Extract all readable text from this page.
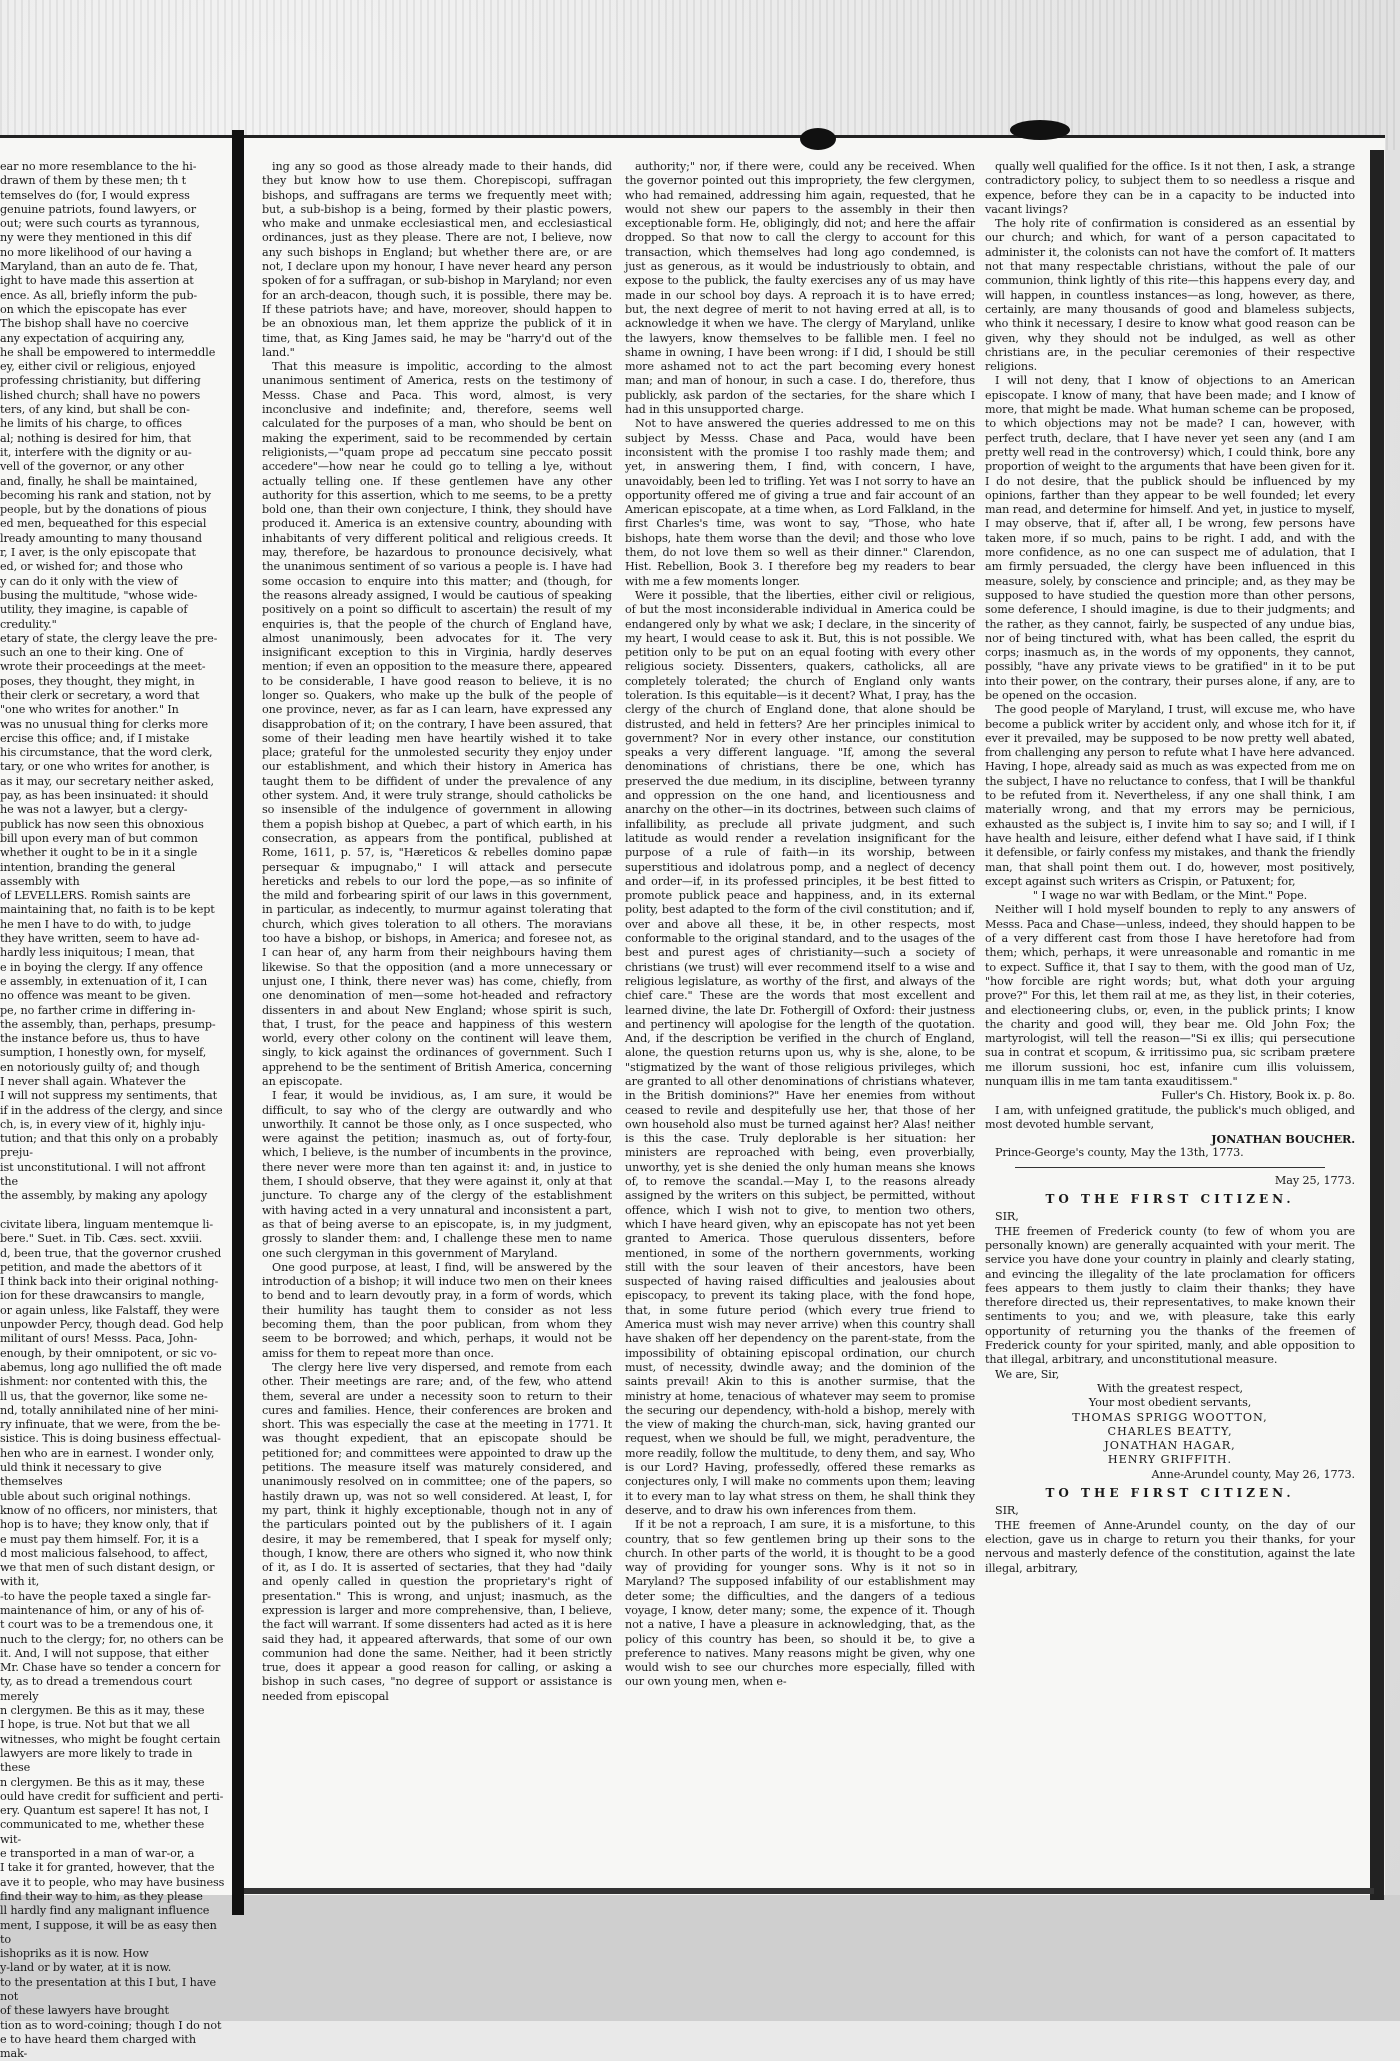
ear no more resemblance to the hi-

drawn of them by these men; th t

temselves do (for, I would express

genuine patriots, found lawyers, or

out; were such courts as tyrannous,

ny were they mentioned in this dif

no more likelihood of our having a

Maryland, than an auto de fe. That,

ight to have made this assertion at

ence. As all, briefly inform the pub-

on which the episcopate has ever

The bishop shall have no coercive

any expectation of acquiring any,

he shall be empowered to intermeddle

ey, either civil or religious, enjoyed

professing christianity, but differing

lished church; shall have no powers

ters, of any kind, but shall be con-

he limits of his charge, to offices

al; nothing is desired for him, that

it, interfere with the dignity or au-

vell of the governor, or any other

and, finally, he shall be maintained,

becoming his rank and station, not by

people, but by the donations of pious

ed men, bequeathed for this especial

lready amounting to many thousand

r, I aver, is the only episcopate that

ed, or wished for; and those who

y can do it only with the view of

busing the multitude, "whose wide-

utility, they imagine, is capable of

credulity."

etary of state, the clergy leave the pre-

such an one to their king. One of

wrote their proceedings at the meet-

poses, they thought, they might, in

their clerk or secretary, a word that

"one who writes for another." In

was no unusual thing for clerks more

ercise this office; and, if I mistake

his circumstance, that the word clerk,

tary, or one who writes for another, is

as it may, our secretary neither asked,

pay, as has been insinuated: it should

he was not a lawyer, but a clergy-

publick has now seen this obnoxious

bill upon every man of but common

whether it ought to be in it a single

intention, branding the general assembly with

of LEVELLERS. Romish saints are

maintaining that, no faith is to be kept

he men I have to do with, to judge

they have written, seem to have ad-

hardly less iniquitous; I mean, that

e in boying the clergy. If any offence

e assembly, in extenuation of it, I can

no offence was meant to be given.

pe, no farther crime in differing in-

the assembly, than, perhaps, presump-

the instance before us, thus to have

sumption, I honestly own, for myself,

en notoriously guilty of; and though

I never shall again. Whatever the

I will not suppress my sentiments, that

if in the address of the clergy, and since

ch, is, in every view of it, highly inju-

tution; and that this only on a probably preju-

ist unconstitutional. I will not affront the

the assembly, by making any apology

civitate libera, linguam mentemque li-

bere." Suet. in Tib. Cæs. sect. xxviii.

d, been true, that the governor crushed

petition, and made the abettors of it

I think back into their original nothing-

ion for these drawcansirs to mangle,

or again unless, like Falstaff, they were

unpowder Percy, though dead. God help

militant of ours! Messs. Paca, John-

enough, by their omnipotent, or sic vo-

abemus, long ago nullified the oft made

ishment: nor contented with this, the

ll us, that the governor, like some ne-

nd, totally annihilated nine of her mini-

ry infinuate, that we were, from the be-

sistice. This is doing business effectual-

hen who are in earnest. I wonder only,

uld think it necessary to give themselves

uble about such original nothings.

know of no officers, nor ministers, that

hop is to have; they know only, that if

e must pay them himself. For, it is a

d most malicious falsehood, to affect,

we that men of such distant design, or with it,

-to have the people taxed a single far-

maintenance of him, or any of his of-

t court was to be a tremendous one, it

nuch to the clergy; for, no others can be

it. And, I will not suppose, that either

Mr. Chase have so tender a concern for

ty, as to dread a tremendous court merely

n clergymen. Be this as it may, these

I hope, is true. Not but that we all

witnesses, who might be fought certain

lawyers are more likely to trade in these

n clergymen. Be this as it may, these

ould have credit for sufficient and perti-

ery. Quantum est sapere! It has not, I

communicated to me, whether these wit-

e transported in a man of war-or, a

I take it for granted, however, that the

ave it to people, who may have business

find their way to him, as they please

ll hardly find any malignant influence

ment, I suppose, it will be as easy then to

ishopriks as it is now. How

y-land or by water, at it is now.

to the presentation at this I but, I have not

of these lawyers have brought

tion as to word-coining; though I do not

e to have heard them charged with mak-

ing any so good as those already made to their hands, did they but know how to use them. Chorepiscopi, suffragan bishops, and suffragans are terms we frequently meet with; but, a sub-bishop is a being, formed by their plastic powers, who make and unmake ecclesiastical men, and ecclesiastical ordinances, just as they please. There are not, I believe, now any such bishops in England; but whether there are, or are not, I declare upon my honour, I have never heard any person spoken of for a suffragan, or sub-bishop in Maryland; nor even for an arch-deacon, though such, it is possible, there may be. If these patriots have; and have, moreover, should happen to be an obnoxious man, let them apprize the publick of it in time, that, as King James said, he may be "harry'd out of the land."

That this measure is impolitic, according to the almost unanimous sentiment of America, rests on the testimony of Messs. Chase and Paca. This word, almost, is very inconclusive and indefinite; and, therefore, seems well calculated for the purposes of a man, who should be bent on making the experiment, said to be recommended by certain religionists,—"quam prope ad peccatum sine peccato possit accedere"—how near he could go to telling a lye, without actually telling one. If these gentlemen have any other authority for this assertion, which to me seems, to be a pretty bold one, than their own conjecture, I think, they should have produced it. America is an extensive country, abounding with inhabitants of very different political and religious creeds. It may, therefore, be hazardous to pronounce decisively, what the unanimous sentiment of so various a people is. I have had some occasion to enquire into this matter; and (though, for the reasons already assigned, I would be cautious of speaking positively on a point so difficult to ascertain) the result of my enquiries is, that the people of the church of England have, almost unanimously, been advocates for it. The very insignificant exception to this in Virginia, hardly deserves mention; if even an opposition to the measure there, appeared to be considerable, I have good reason to believe, it is no longer so. Quakers, who make up the bulk of the people of one province, never, as far as I can learn, have expressed any disapprobation of it; on the contrary, I have been assured, that some of their leading men have heartily wished it to take place; grateful for the unmolested security they enjoy under our establishment, and which their history in America has taught them to be diffident of under the prevalence of any other system. And, it were truly strange, should catholicks be so insensible of the indulgence of government in allowing them a popish bishop at Quebec, a part of which earth, in his consecration, as appears from the pontifical, published at Rome, 1611, p. 57, is, "Hæreticos & rebelles domino papæ persequar & impugnabo," I will attack and persecute hereticks and rebels to our lord the pope,—as so infinite of the mild and forbearing spirit of our laws in this government, in particular, as indecently, to murmur against tolerating that church, which gives toleration to all others. The moravians too have a bishop, or bishops, in America; and foresee not, as I can hear of, any harm from their neighbours having them likewise. So that the opposition (and a more unnecessary or unjust one, I think, there never was) has come, chiefly, from one denomination of men—some hot-headed and refractory dissenters in and about New England; whose spirit is such, that, I trust, for the peace and happiness of this western world, every other colony on the continent will leave them, singly, to kick against the ordinances of government. Such I apprehend to be the sentiment of British America, concerning an episcopate.

I fear, it would be invidious, as, I am sure, it would be difficult, to say who of the clergy are outwardly and who unworthily. It cannot be those only, as I once suspected, who were against the petition; inasmuch as, out of forty-four, which, I believe, is the number of incumbents in the province, there never were more than ten against it: and, in justice to them, I should observe, that they were against it, only at that juncture. To charge any of the clergy of the establishment with having acted in a very unnatural and inconsistent a part, as that of being averse to an episcopate, is, in my judgment, grossly to slander them: and, I challenge these men to name one such clergyman in this government of Maryland.

One good purpose, at least, I find, will be answered by the introduction of a bishop; it will induce two men on their knees to bend and to learn devoutly pray, in a form of words, which their humility has taught them to consider as not less becoming them, than the poor publican, from whom they seem to be borrowed; and which, perhaps, it would not be amiss for them to repeat more than once.

The clergy here live very dispersed, and remote from each other. Their meetings are rare; and, of the few, who attend them, several are under a necessity soon to return to their cures and families. Hence, their conferences are broken and short. This was especially the case at the meeting in 1771. It was thought expedient, that an episcopate should be petitioned for; and committees were appointed to draw up the petitions. The measure itself was maturely considered, and unanimously resolved on in committee; one of the papers, so hastily drawn up, was not so well considered. At least, I, for my part, think it highly exceptionable, though not in any of the particulars pointed out by the publishers of it. I again desire, it may be remembered, that I speak for myself only; though, I know, there are others who signed it, who now think of it, as I do. It is asserted of sectaries, that they had "daily and openly called in question the proprietary's right of presentation." This is wrong, and unjust; inasmuch, as the expression is larger and more comprehensive, than, I believe, the fact will warrant. If some dissenters had acted as it is here said they had, it appeared afterwards, that some of our own communion had done the same. Neither, had it been strictly true, does it appear a good reason for calling, or asking a bishop in such cases, "no degree of support or assistance is needed from episcopal

authority;" nor, if there were, could any be received. When the governor pointed out this impropriety, the few clergymen, who had remained, addressing him again, requested, that he would not shew our papers to the assembly in their then exceptionable form. He, obligingly, did not; and here the affair dropped. So that now to call the clergy to account for this transaction, which themselves had long ago condemned, is just as generous, as it would be industriously to obtain, and expose to the publick, the faulty exercises any of us may have made in our school boy days. A reproach it is to have erred; but, the next degree of merit to not having erred at all, is to acknowledge it when we have. The clergy of Maryland, unlike the lawyers, know themselves to be fallible men. I feel no shame in owning, I have been wrong: if I did, I should be still more ashamed not to act the part becoming every honest man; and man of honour, in such a case. I do, therefore, thus publickly, ask pardon of the sectaries, for the share which I had in this unsupported charge.

Not to have answered the queries addressed to me on this subject by Messs. Chase and Paca, would have been inconsistent with the promise I too rashly made them; and yet, in answering them, I find, with concern, I have, unavoidably, been led to trifling. Yet was I not sorry to have an opportunity offered me of giving a true and fair account of an American episcopate, at a time when, as Lord Falkland, in the first Charles's time, was wont to say, "Those, who hate bishops, hate them worse than the devil; and those who love them, do not love them so well as their dinner." Clarendon, Hist. Rebellion, Book 3. I therefore beg my readers to bear with me a few moments longer.

Were it possible, that the liberties, either civil or religious, of but the most inconsiderable individual in America could be endangered only by what we ask; I declare, in the sincerity of my heart, I would cease to ask it. But, this is not possible. We petition only to be put on an equal footing with every other religious society. Dissenters, quakers, catholicks, all are completely tolerated; the church of England only wants toleration. Is this equitable—is it decent? What, I pray, has the clergy of the church of England done, that alone should be distrusted, and held in fetters? Are her principles inimical to government? Nor in every other instance, our constitution speaks a very different language. "If, among the several denominations of christians, there be one, which has preserved the due medium, in its discipline, between tyranny and oppression on the one hand, and licentiousness and anarchy on the other—in its doctrines, between such claims of infallibility, as preclude all private judgment, and such latitude as would render a revelation insignificant for the purpose of a rule of faith—in its worship, between superstitious and idolatrous pomp, and a neglect of decency and order—if, in its professed principles, it be best fitted to promote publick peace and happiness, and, in its external polity, best adapted to the form of the civil constitution; and if, over and above all these, it be, in other respects, most conformable to the original standard, and to the usages of the best and purest ages of christianity—such a society of christians (we trust) will ever recommend itself to a wise and religious legislature, as worthy of the first, and always of the chief care." These are the words that most excellent and learned divine, the late Dr. Fothergill of Oxford: their justness and pertinency will apologise for the length of the quotation. And, if the description be verified in the church of England, alone, the question returns upon us, why is she, alone, to be "stigmatized by the want of those religious privileges, which are granted to all other denominations of christians whatever, in the British dominions?" Have her enemies from without ceased to revile and despitefully use her, that those of her own household also must be turned against her? Alas! neither is this the case. Truly deplorable is her situation: her ministers are reproached with being, even proverbially, unworthy, yet is she denied the only human means she knows of, to remove the scandal.—May I, to the reasons already assigned by the writers on this subject, be permitted, without offence, which I wish not to give, to mention two others, which I have heard given, why an episcopate has not yet been granted to America. Those querulous dissenters, before mentioned, in some of the northern governments, working still with the sour leaven of their ancestors, have been suspected of having raised difficulties and jealousies about episcopacy, to prevent its taking place, with the fond hope, that, in some future period (which every true friend to America must wish may never arrive) when this country shall have shaken off her dependency on the parent-state, from the impossibility of obtaining episcopal ordination, our church must, of necessity, dwindle away; and the dominion of the saints prevail! Akin to this is another surmise, that the ministry at home, tenacious of whatever may seem to promise the securing our dependency, with-hold a bishop, merely with the view of making the church-man, sick, having granted our request, when we should be full, we might, peradventure, the more readily, follow the multitude, to deny them, and say, Who is our Lord? Having, professedly, offered these remarks as conjectures only, I will make no comments upon them; leaving it to every man to lay what stress on them, he shall think they deserve, and to draw his own inferences from them.

If it be not a reproach, I am sure, it is a misfortune, to this country, that so few gentlemen bring up their sons to the church. In other parts of the world, it is thought to be a good way of providing for younger sons. Why is it not so in Maryland? The supposed infability of our establishment may deter some; the difficulties, and the dangers of a tedious voyage, I know, deter many; some, the expence of it. Though not a native, I have a pleasure in acknowledging, that, as the policy of this country has been, so should it be, to give a preference to natives. Many reasons might be given, why one would wish to see our churches more especially, filled with our own young men, when e-

qually well qualified for the office. Is it not then, I ask, a strange contradictory policy, to subject them to so needless a risque and expence, before they can be in a capacity to be inducted into vacant livings?

The holy rite of confirmation is considered as an essential by our church; and which, for want of a person capacitated to administer it, the colonists can not have the comfort of. It matters not that many respectable christians, without the pale of our communion, think lightly of this rite—this happens every day, and will happen, in countless instances—as long, however, as there, certainly, are many thousands of good and blameless subjects, who think it necessary, I desire to know what good reason can be given, why they should not be indulged, as well as other christians are, in the peculiar ceremonies of their respective religions.

I will not deny, that I know of objections to an American episcopate. I know of many, that have been made; and I know of more, that might be made. What human scheme can be proposed, to which objections may not be made? I can, however, with perfect truth, declare, that I have never yet seen any (and I am pretty well read in the controversy) which, I could think, bore any proportion of weight to the arguments that have been given for it. I do not desire, that the publick should be influenced by my opinions, farther than they appear to be well founded; let every man read, and determine for himself. And yet, in justice to myself, I may observe, that if, after all, I be wrong, few persons have taken more, if so much, pains to be right. I add, and with the more confidence, as no one can suspect me of adulation, that I am firmly persuaded, the clergy have been influenced in this measure, solely, by conscience and principle; and, as they may be supposed to have studied the question more than other persons, some deference, I should imagine, is due to their judgments; and the rather, as they cannot, fairly, be suspected of any undue bias, nor of being tinctured with, what has been called, the esprit du corps; inasmuch as, in the words of my opponents, they cannot, possibly, "have any private views to be gratified" in it to be put into their power, on the contrary, their purses alone, if any, are to be opened on the occasion.

The good people of Maryland, I trust, will excuse me, who have become a publick writer by accident only, and whose itch for it, if ever it prevailed, may be supposed to be now pretty well abated, from challenging any person to refute what I have here advanced. Having, I hope, already said as much as was expected from me on the subject, I have no reluctance to confess, that I will be thankful to be refuted from it. Nevertheless, if any one shall think, I am materially wrong, and that my errors may be pernicious, exhausted as the subject is, I invite him to say so; and I will, if I have health and leisure, either defend what I have said, if I think it defensible, or fairly confess my mistakes, and thank the friendly man, that shall point them out. I do, however, most positively, except against such writers as Crispin, or Patuxent; for,

" I wage no war with Bedlam, or the Mint." Pope.

Neither will I hold myself bounden to reply to any answers of Messs. Paca and Chase—unless, indeed, they should happen to be of a very different cast from those I have heretofore had from them; which, perhaps, it were unreasonable and romantic in me to expect. Suffice it, that I say to them, with the good man of Uz, "how forcible are right words; but, what doth your arguing prove?" For this, let them rail at me, as they list, in their coteries, and electioneering clubs, or, even, in the publick prints; I know the charity and good will, they bear me. Old John Fox; the martyrologist, will tell the reason—"Si ex illis; qui persecutione sua in contrat et scopum, & irritissimo pua, sic scribam prætere me illorum sussioni, hoc est, infanire cum illis voluissem, nunquam illis in me tam tanta exauditissem."

Fuller's Ch. History, Book ix. p. 8o.

I am, with unfeigned gratitude, the publick's much obliged, and most devoted humble servant,

JONATHAN BOUCHER.

Prince-George's county, May the 13th, 1773.

May 25, 1773.

TO THE FIRST CITIZEN.

SIR,

THE freemen of Frederick county (to few of whom you are personally known) are generally acquainted with your merit. The service you have done your country in plainly and clearly stating, and evincing the illegality of the late proclamation for officers fees appears to them justly to claim their thanks; they have therefore directed us, their representatives, to make known their sentiments to you; and we, with pleasure, take this early opportunity of returning you the thanks of the freemen of Frederick county for your spirited, manly, and able opposition to that illegal, arbitrary, and unconstitutional measure.

We are, Sir,

With the greatest respect,

Your most obedient servants,

THOMAS SPRIGG WOOTTON,

CHARLES BEATTY,

JONATHAN HAGAR,

HENRY GRIFFITH.

Anne-Arundel county, May 26, 1773.

TO THE FIRST CITIZEN.

SIR,

THE freemen of Anne-Arundel county, on the day of our election, gave us in charge to return you their thanks, for your nervous and masterly defence of the constitution, against the late illegal, arbitrary,
